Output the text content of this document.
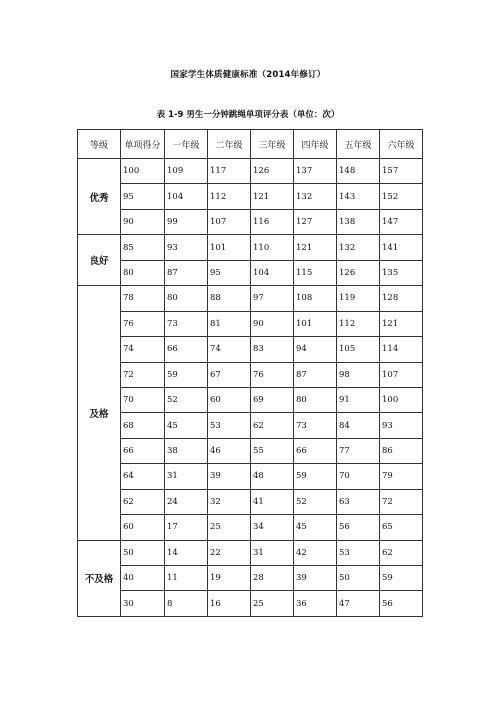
国家学生体质健康标准（2014年修订）
表 1-9 男生一分钟跳绳单项评分表（单位：次）
等级	单项得分	一年级	二年级	三年级	四年级	五年级	六年级
优秀	100	109	117	126	137	148	157
	95	104	112	121	132	143	152
	90	99	107	116	127	138	147
良好	85	93	101	110	121	132	141
	80	87	95	104	115	126	135
及格	78	80	88	97	108	119	128
	76	73	81	90	101	112	121
	74	66	74	83	94	105	114
	72	59	67	76	87	98	107
	70	52	60	69	80	91	100
	68	45	53	62	73	84	93
	66	38	46	55	66	77	86
	64	31	39	48	59	70	79
	62	24	32	41	52	63	72
	60	17	25	34	45	56	65
不及格	50	14	22	31	42	53	62
	40	11	19	28	39	50	59
	30	8	16	25	36	47	56
